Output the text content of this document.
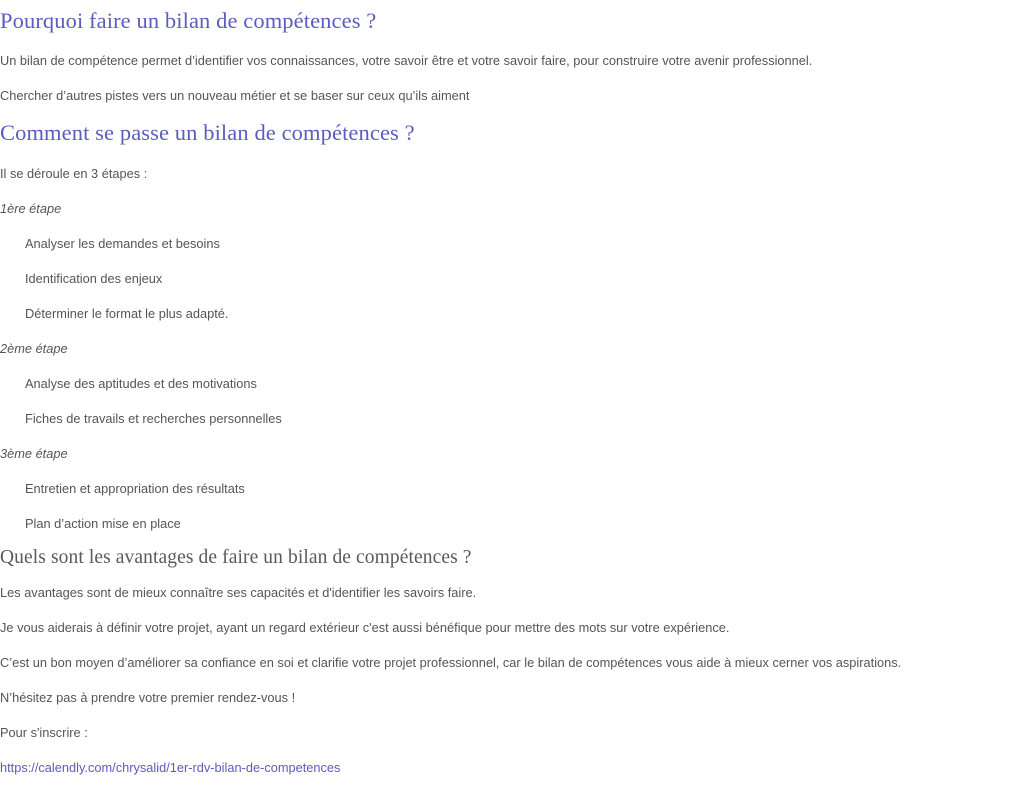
Pourquoi faire un bilan de compétences ?

Un bilan de compétence permet d’identifier vos connaissances, votre savoir être et votre savoir faire, pour construire votre avenir professionnel.

Chercher d’autres pistes vers un nouveau métier et se baser sur ceux qu’ils aiment

Comment se passe un bilan de compétences ?

Il se déroule en 3 étapes :

1ère étape

Analyser les demandes et besoins

Identification des enjeux

Déterminer le format le plus adapté.

2ème étape

Analyse des aptitudes et des motivations

Fiches de travails et recherches personnelles

3ème étape

Entretien et appropriation des résultats

Plan d’action mise en place

Quels sont les avantages de faire un bilan de compétences ?

Les avantages sont de mieux connaître ses capacités et d'identifier les savoirs faire.

Je vous aiderais à définir votre projet, ayant un regard extérieur c'est aussi bénéfique pour mettre des mots sur votre expérience.

C’est un bon moyen d’améliorer sa confiance en soi et clarifie votre projet professionnel, car le bilan de compétences vous aide à mieux cerner vos aspirations.

N’hésitez pas à prendre votre premier rendez-vous !

Pour s'inscrire :

https://calendly.com/chrysalid/1er-rdv-bilan-de-competences
